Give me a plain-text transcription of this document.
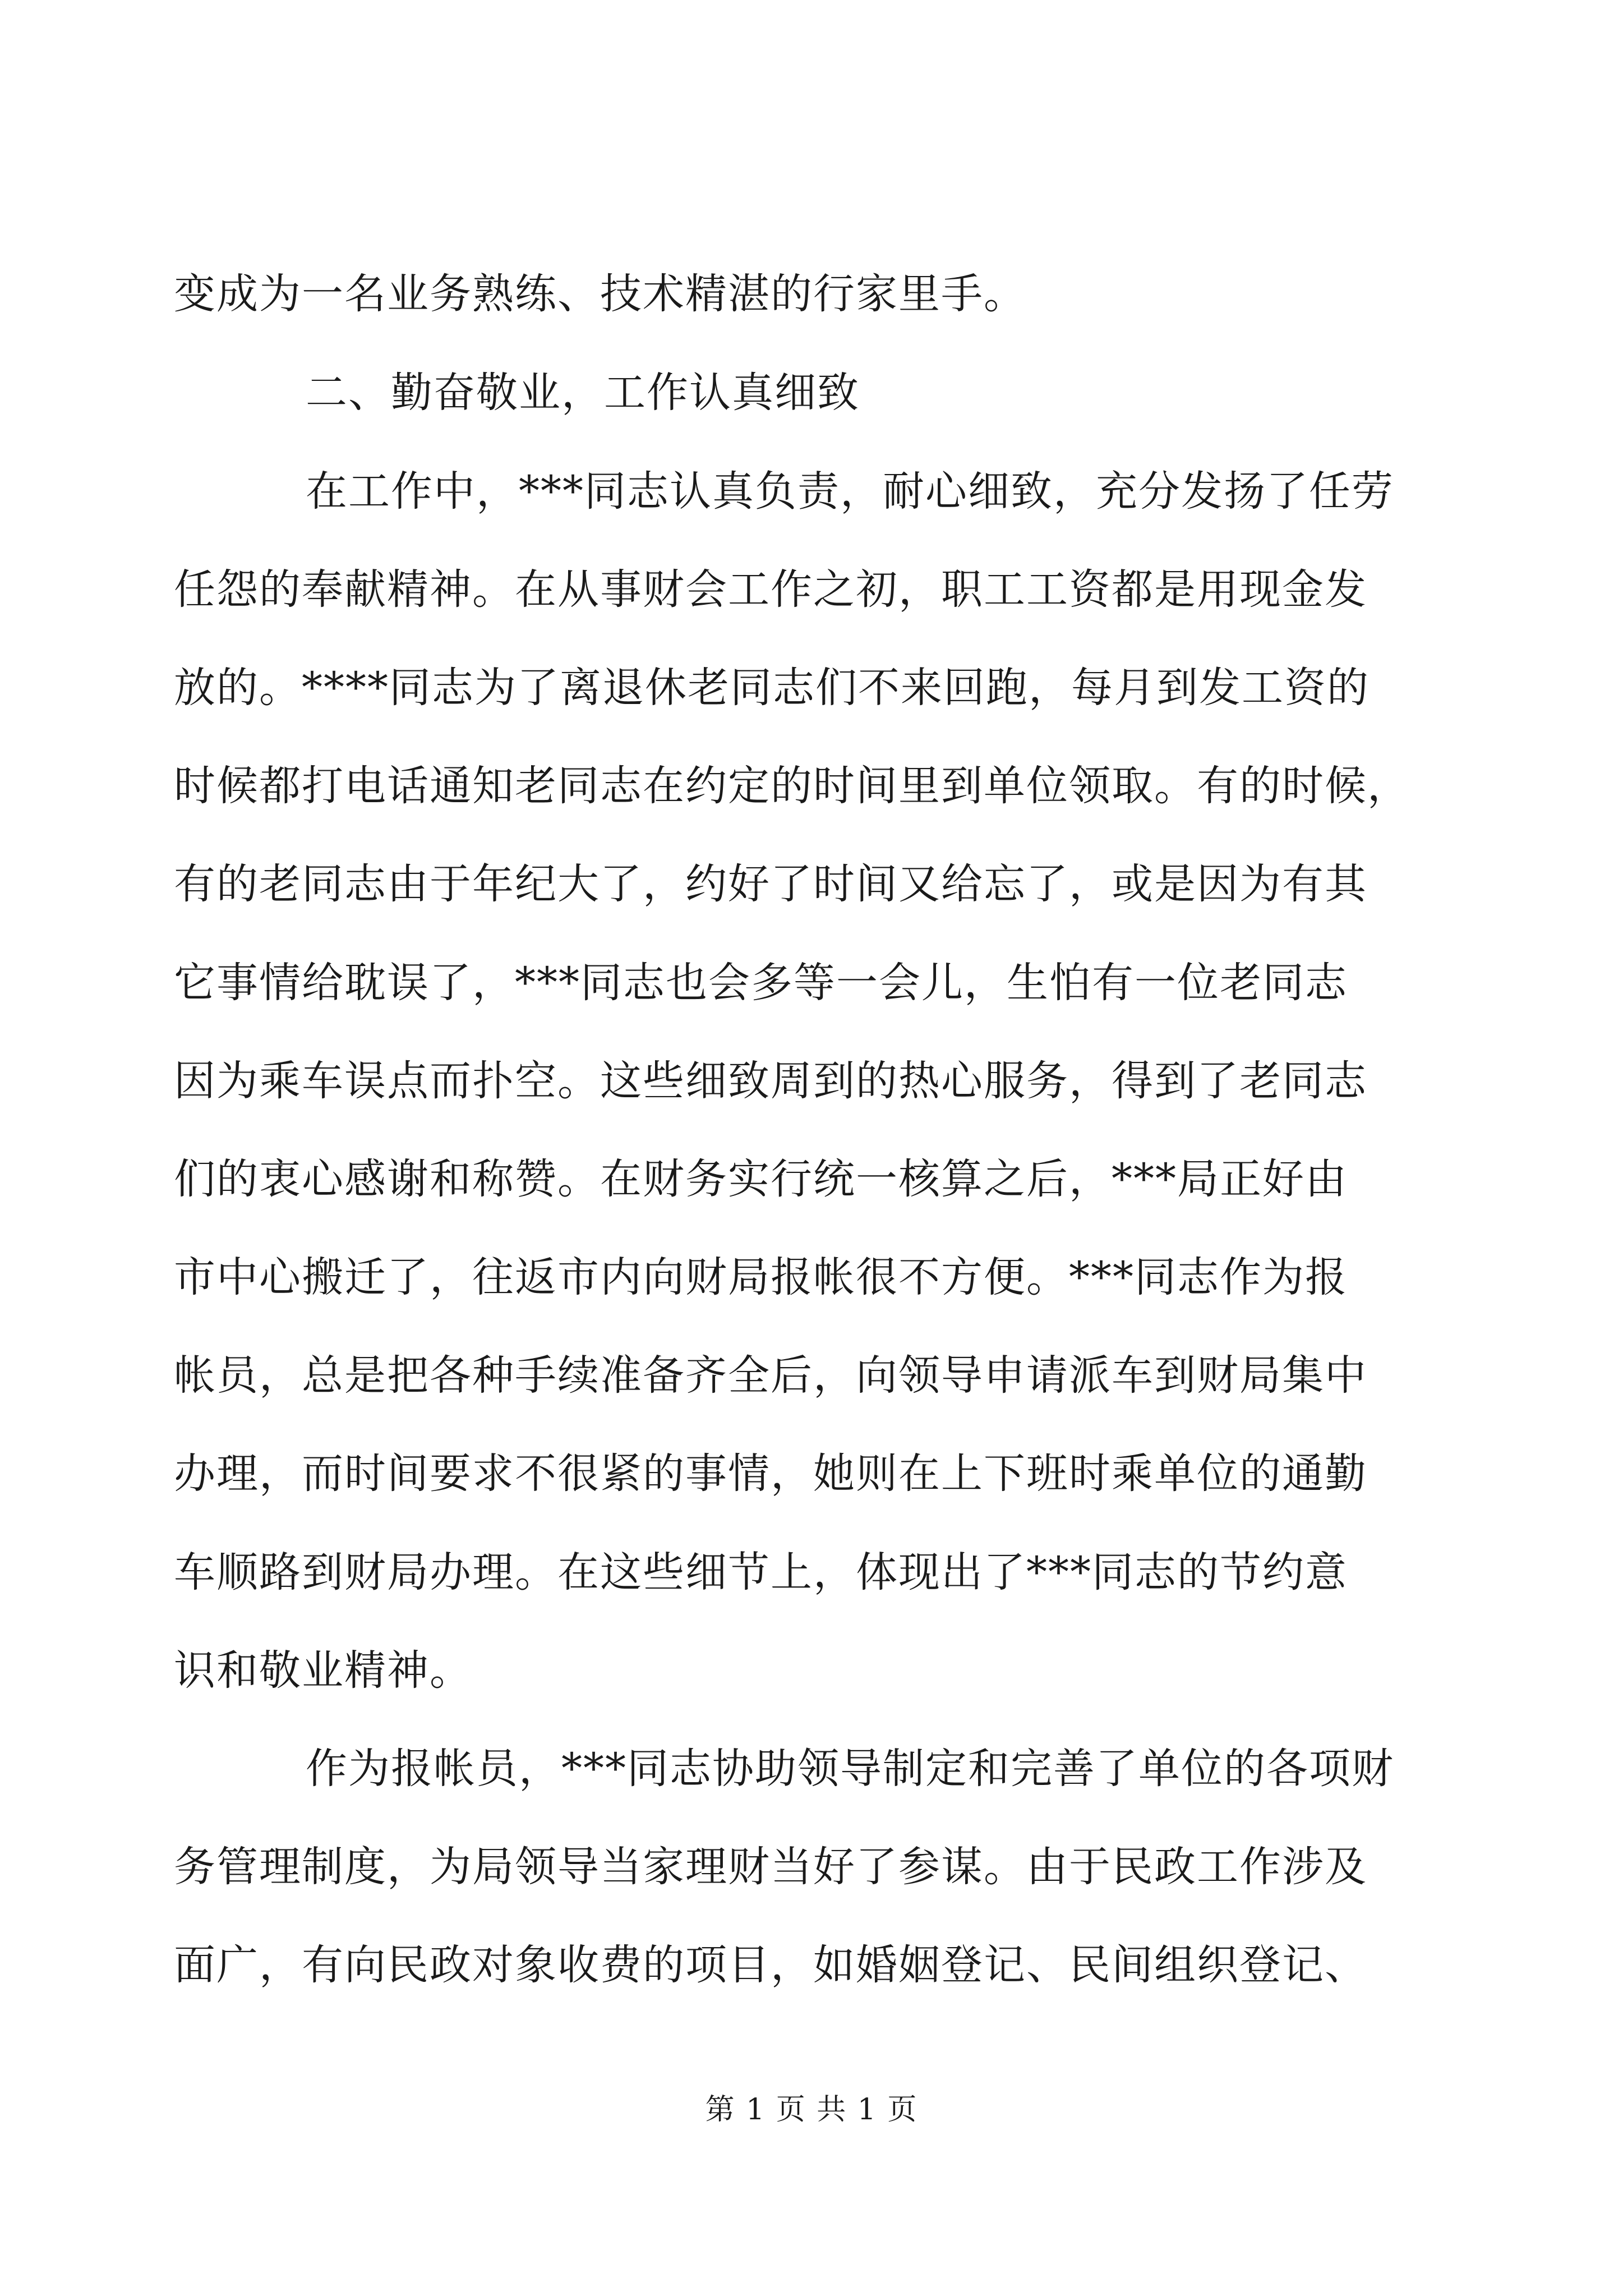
变成为一名业务熟练、技术精湛的行家里手。
二、勤奋敬业，工作认真细致
在工作中，***同志认真负责，耐心细致，充分发扬了任劳
任怨的奉献精神。在从事财会工作之初，职工工资都是用现金发
放的。****同志为了离退休老同志们不来回跑，每月到发工资的
时候都打电话通知老同志在约定的时间里到单位领取。有的时候，
有的老同志由于年纪大了，约好了时间又给忘了，或是因为有其
它事情给耽误了，***同志也会多等一会儿，生怕有一位老同志
因为乘车误点而扑空。这些细致周到的热心服务，得到了老同志
们的衷心感谢和称赞。在财务实行统一核算之后，***局正好由
市中心搬迁了，往返市内向财局报帐很不方便。***同志作为报
帐员，总是把各种手续准备齐全后，向领导申请派车到财局集中
办理，而时间要求不很紧的事情，她则在上下班时乘单位的通勤
车顺路到财局办理。在这些细节上，体现出了***同志的节约意
识和敬业精神。
作为报帐员，***同志协助领导制定和完善了单位的各项财
务管理制度，为局领导当家理财当好了参谋。由于民政工作涉及
面广，有向民政对象收费的项目，如婚姻登记、民间组织登记、
第 1 页 共 1 页
